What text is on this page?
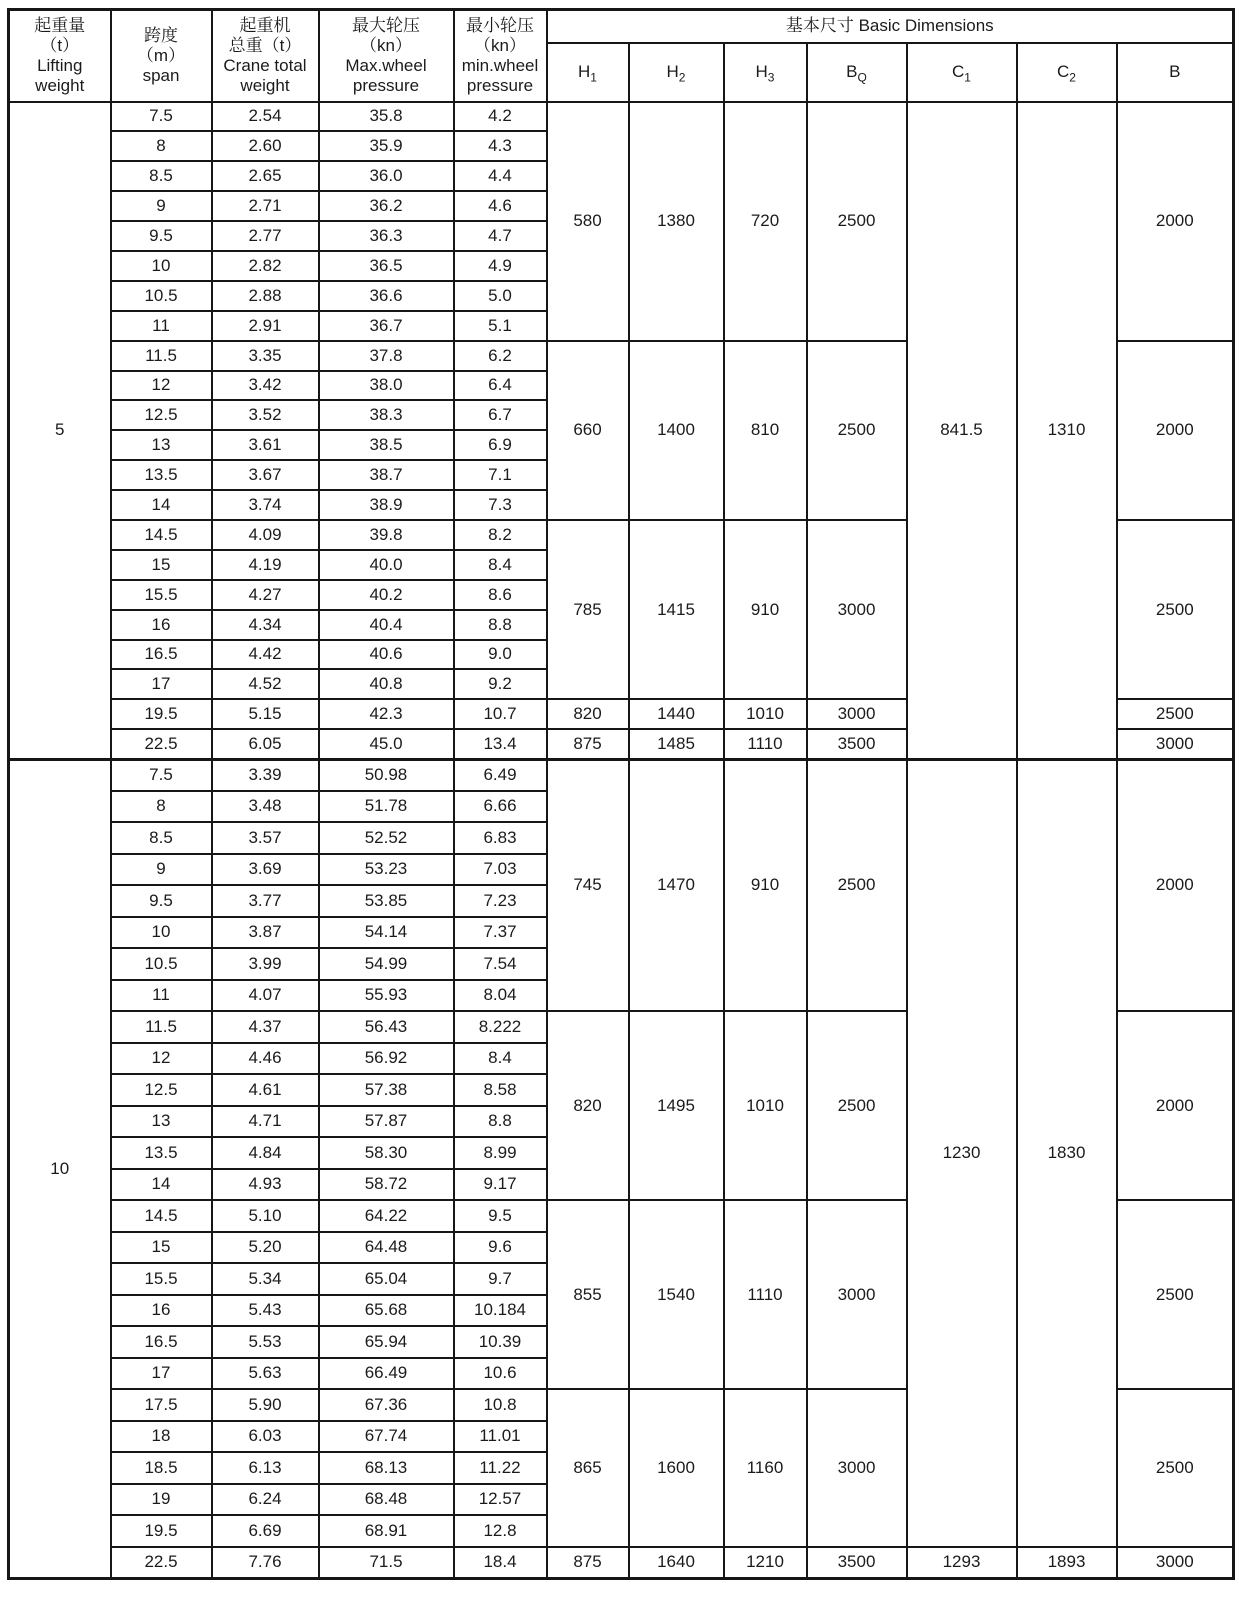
起重量
（t）
Lifting
weight	跨度
（m）
span	起重机
总重（t）
Crane total
weight	最大轮压
（kn）
Max.wheel
pressure	最小轮压
（kn）
min.wheel
pressure	基本尺寸 Basic Dimensions						
					$H_1$	$H_2$	$H_3$	$B_Q$	$C_1$	$C_2$	B
5	7.5	2.54	35.8	4.2	580	1380	720	2500	841.5	1310	2000
	8	2.60	35.9	4.3							
	8.5	2.65	36.0	4.4							
	9	2.71	36.2	4.6							
	9.5	2.77	36.3	4.7							
	10	2.82	36.5	4.9							
	10.5	2.88	36.6	5.0							
	11	2.91	36.7	5.1							
	11.5	3.35	37.8	6.2	660	1400	810	2500			2000
	12	3.42	38.0	6.4							
	12.5	3.52	38.3	6.7							
	13	3.61	38.5	6.9							
	13.5	3.67	38.7	7.1							
	14	3.74	38.9	7.3							
	14.5	4.09	39.8	8.2	785	1415	910	3000			2500
	15	4.19	40.0	8.4							
	15.5	4.27	40.2	8.6							
	16	4.34	40.4	8.8							
	16.5	4.42	40.6	9.0							
	17	4.52	40.8	9.2							
	19.5	5.15	42.3	10.7	820	1440	1010	3000			2500
	22.5	6.05	45.0	13.4	875	1485	1110	3500			3000
10	7.5	3.39	50.98	6.49	745	1470	910	2500	1230	1830	2000
	8	3.48	51.78	6.66							
	8.5	3.57	52.52	6.83							
	9	3.69	53.23	7.03							
	9.5	3.77	53.85	7.23							
	10	3.87	54.14	7.37							
	10.5	3.99	54.99	7.54							
	11	4.07	55.93	8.04							
	11.5	4.37	56.43	8.222	820	1495	1010	2500			2000
	12	4.46	56.92	8.4							
	12.5	4.61	57.38	8.58							
	13	4.71	57.87	8.8							
	13.5	4.84	58.30	8.99							
	14	4.93	58.72	9.17							
	14.5	5.10	64.22	9.5	855	1540	1110	3000			2500
	15	5.20	64.48	9.6							
	15.5	5.34	65.04	9.7							
	16	5.43	65.68	10.184							
	16.5	5.53	65.94	10.39							
	17	5.63	66.49	10.6							
	17.5	5.90	67.36	10.8	865	1600	1160	3000			2500
	18	6.03	67.74	11.01							
	18.5	6.13	68.13	11.22							
	19	6.24	68.48	12.57							
	19.5	6.69	68.91	12.8							
	22.5	7.76	71.5	18.4	875	1640	1210	3500	1293	1893	3000
